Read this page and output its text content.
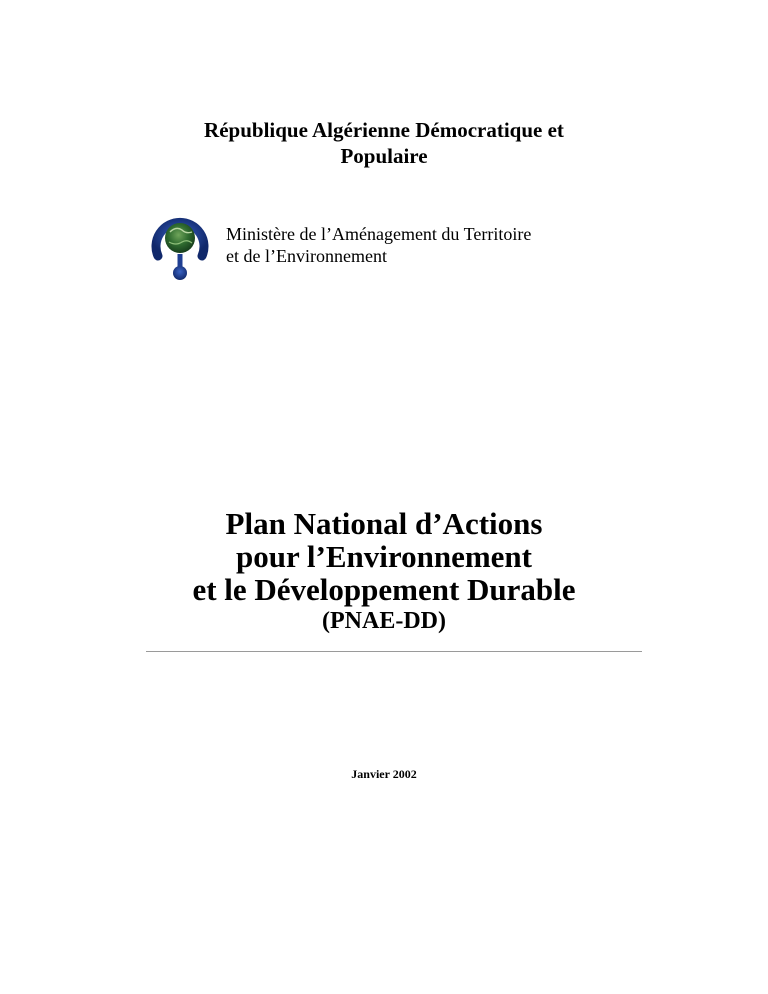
République Algérienne Démocratique et
Populaire
Ministère de l’Aménagement du Territoire
et de l’Environnement
Plan National d’Actions
pour l’Environnement
et le Développement Durable
(PNAE-DD)
Janvier 2002
